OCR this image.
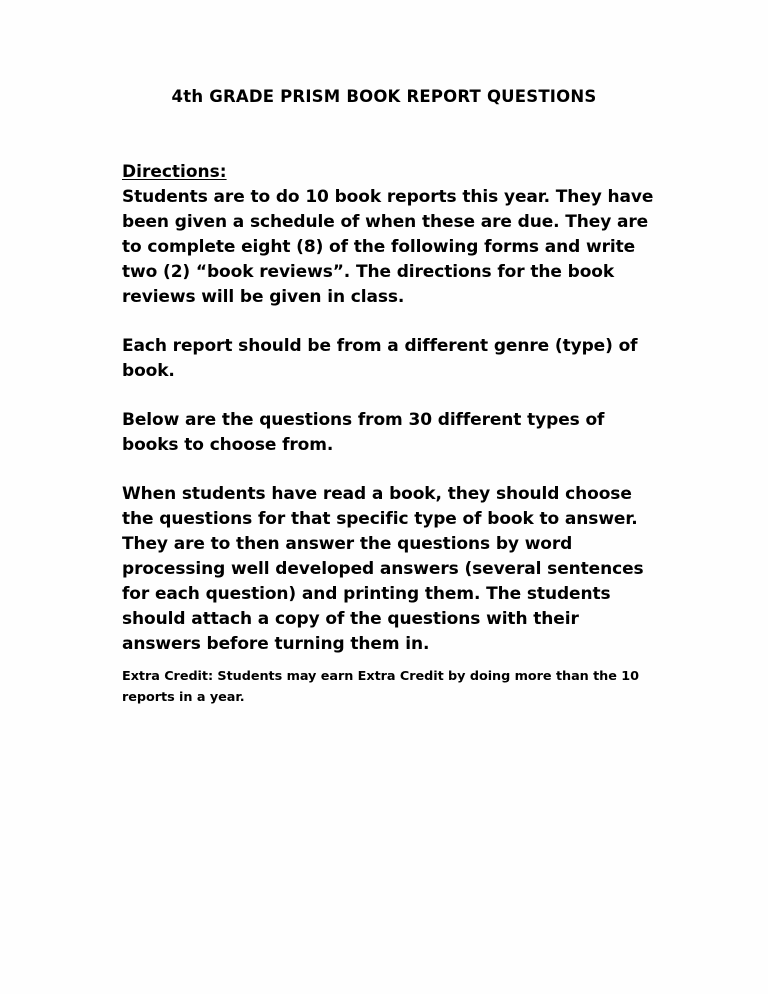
4th GRADE PRISM BOOK REPORT QUESTIONS
Directions:

Students are to do 10 book reports this year. They have been given a schedule of when these are due. They are to complete eight (8) of the following forms and write two (2) “book reviews”. The directions for the book reviews will be given in class.

Each report should be from a different genre (type) of book.

Below are the questions from 30 different types of books to choose from.

When students have read a book, they should choose the questions for that specific type of book to answer. They are to then answer the questions by word processing well developed answers (several sentences for each question) and printing them. The students should attach a copy of the questions with their answers before turning them in.

Extra Credit: Students may earn Extra Credit by doing more than the 10 reports in a year.
